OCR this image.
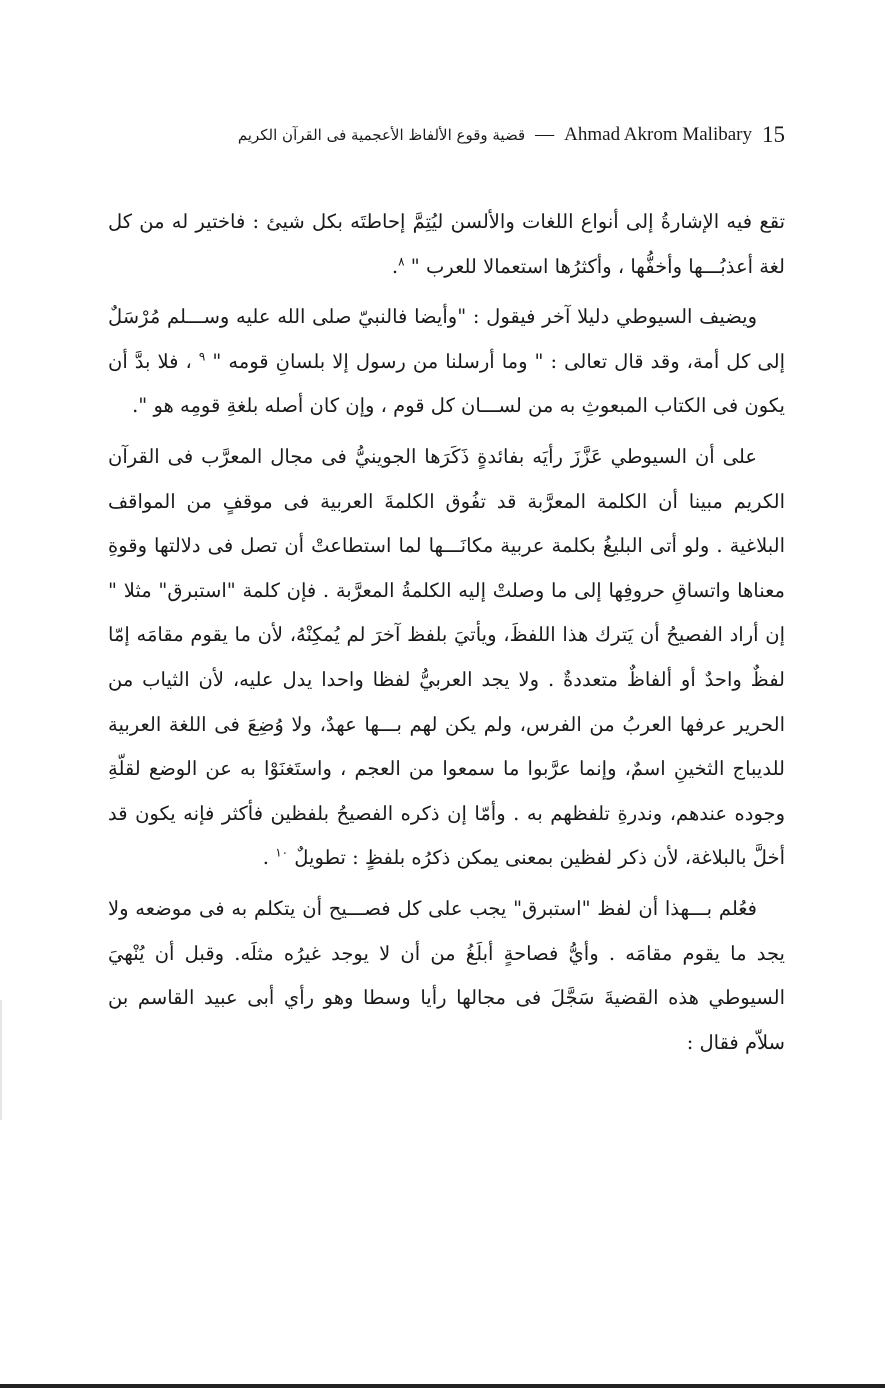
15
Ahmad Akrom Malibary
—
قضية وقوع الألفاظ الأعجمية فى القرآن الكريم

تقع فيه الإشارةُ إلى أنواع اللغات والألسن ليُتِمَّ إحاطتَه بكل شيئ : فاختير له من كل لغة أعذبُـــها وأخفُّها ، وأكثرُها استعمالا للعرب " $^٨$.

ويضيف السيوطي دليلا آخر فيقول : "وأيضا فالنبيّ صلى الله عليه وســـلم مُرْسَلٌ إلى كل أمة، وقد قال تعالى : " وما أرسلنا من رسول إلا بلسانِ قومه " $^٩$ ، فلا بدَّ أن يكون فى الكتاب المبعوثِ به من لســـان كل قوم ، وإن كان أصله بلغةِ قومِه هو ".

على أن السيوطي عَزَّزَ رأيَه بفائدةٍ ذَكَرَها الجوينيُّ فى مجال المعرَّب فى القرآن الكريم مبينا أن الكلمة المعرَّبة قد تفُوق الكلمةَ العربية فى موقفٍ من المواقف البلاغية . ولو أتى البليغُ بكلمة عربية مكانَـــها لما استطاعتْ أن تصل فى دلالتها وقوةِ معناها واتساقِ حروفِها إلى ما وصلتْ إليه الكلمةُ المعرَّبة . فإن كلمة "استبرق" مثلا " إن أراد الفصيحُ أن يَترك هذا اللفظَ، ويأتيَ بلفظ آخرَ لم يُمكِنْهُ، لأن ما يقوم مقامَه إمّا لفظٌ واحدٌ أو ألفاظٌ متعددةٌ . ولا يجد العربيُّ لفظا واحدا يدل عليه، لأن الثياب من الحرير عرفها العربُ من الفرس، ولم يكن لهم بـــها عهدٌ، ولا وُضِعَ فى اللغة العربية للديباج الثخينِ اسمٌ، وإنما عرَّبوا ما سمعوا من العجم ، واستَغنَوْا به عن الوضع لقلّةِ وجوده عندهم، وندرةِ تلفظهم به . وأمّا إن ذكره الفصيحُ بلفظين فأكثر فإنه يكون قد أخلَّ بالبلاغة، لأن ذكر لفظين بمعنى يمكن ذكرُه بلفظٍ : تطويلٌ $^{١٠}$ .

فعُلم بـــهذا أن لفظ "استبرق" يجب على كل فصـــيح أن يتكلم به فى موضعه ولا يجد ما يقوم مقامَه . وأيُّ فصاحةٍ أبلَغُ من أن لا يوجد غيرُه مثلَه. وقبل أن يُنْهيَ السيوطي هذه القضيةَ سَجَّلَ فى مجالها رأيا وسطا وهو رأي أبى عبيد القاسم بن سلاّم فقال :
